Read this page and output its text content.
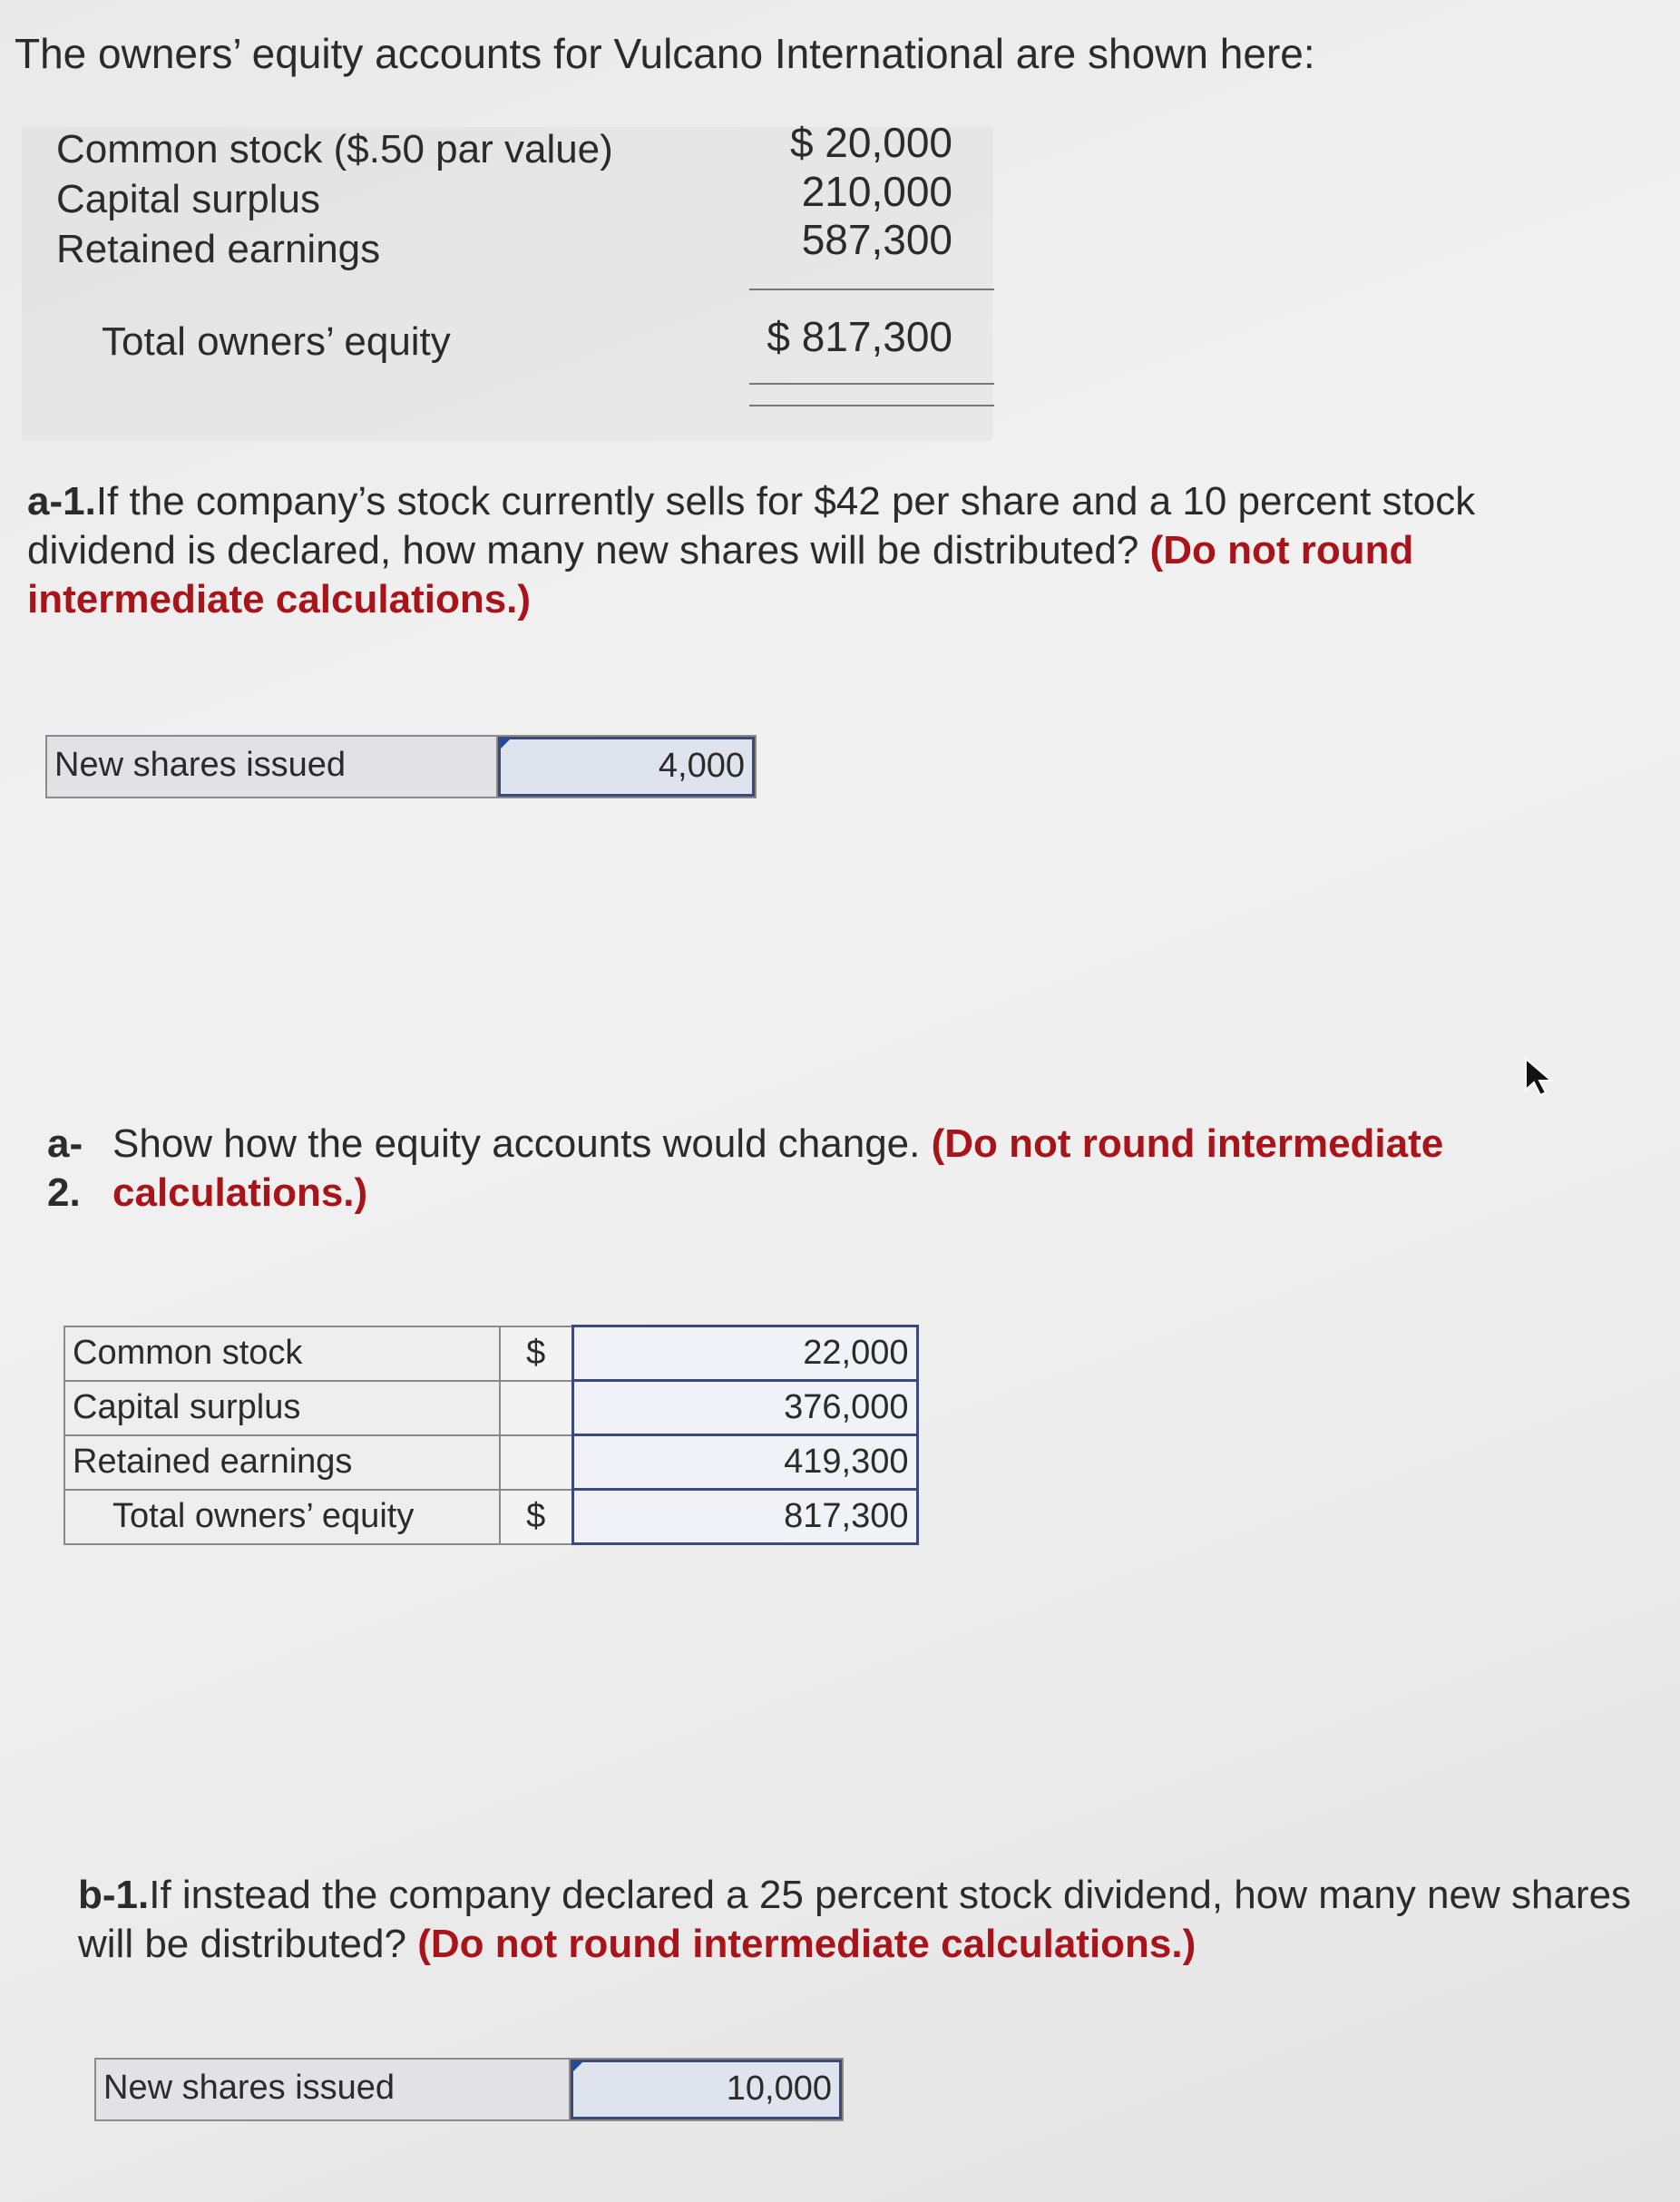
The owners’ equity accounts for Vulcano International are shown here:
Common stock ($.50 par value)	$ 20,000
Capital surplus	210,000
Retained earnings	587,300
Total owners’ equity	$ 817,300
a-1.If the company’s stock currently sells for $42 per share and a 10 percent stock dividend is declared, how many new shares will be distributed? (Do not round intermediate calculations.)
New shares issued	4,000
a-
2.
Show how the equity accounts would change. (Do not round intermediate
calculations.)
Common stock	$	22,000
Capital surplus		376,000
Retained earnings		419,300
Total owners’ equity	$	817,300
b-1.If instead the company declared a 25 percent stock dividend, how many new shares will be distributed? (Do not round intermediate calculations.)
New shares issued	10,000
